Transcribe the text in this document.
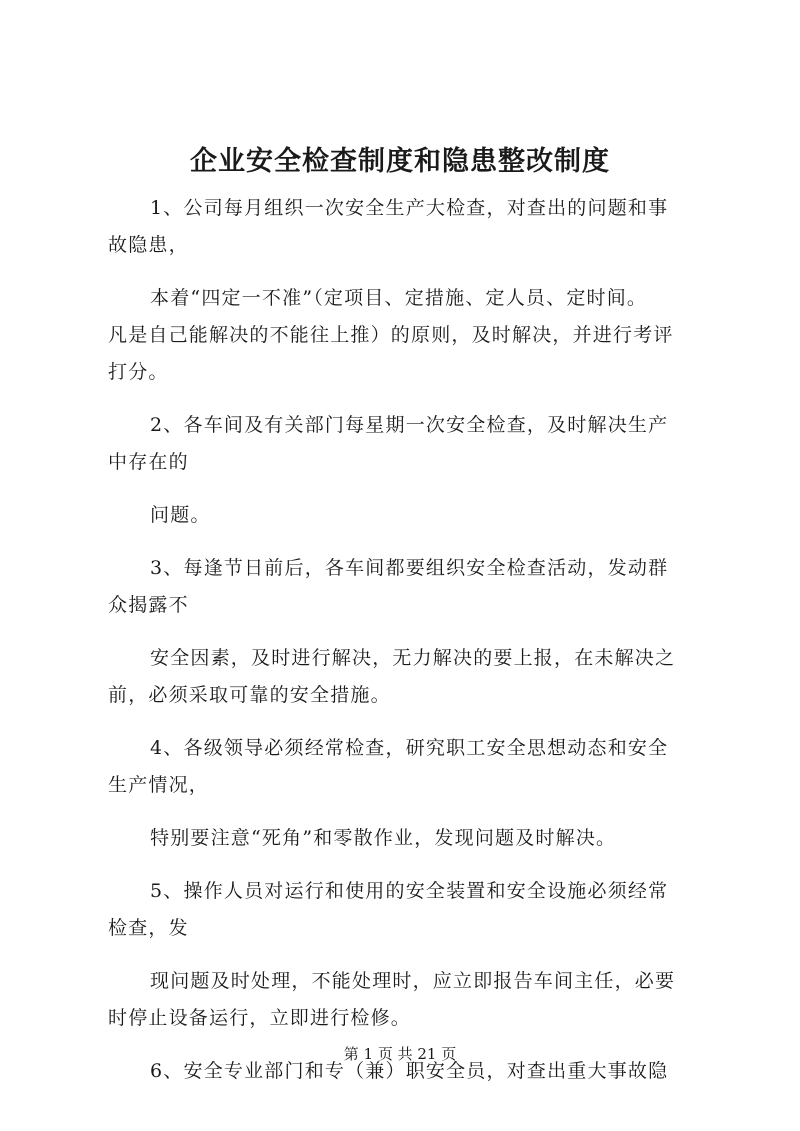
企业安全检查制度和隐患整改制度
1、公司每月组织一次安全生产大检查，对查出的问题和事
故隐患，
本着“四定一不准”（定项目、定措施、定人员、定时间。
凡是自己能解决的不能往上推）的原则，及时解决，并进行考评
打分。
2、各车间及有关部门每星期一次安全检查，及时解决生产
中存在的
问题。
3、每逢节日前后，各车间都要组织安全检查活动，发动群
众揭露不
安全因素，及时进行解决，无力解决的要上报，在未解决之
前，必须采取可靠的安全措施。
4、各级领导必须经常检查，研究职工安全思想动态和安全
生产情况，
特别要注意“死角”和零散作业，发现问题及时解决。
5、操作人员对运行和使用的安全装置和安全设施必须经常
检查，发
现问题及时处理，不能处理时，应立即报告车间主任，必要
时停止设备运行，立即进行检修。
6、安全专业部门和专（兼）职安全员，对查出重大事故隐
第 1 页 共 21 页
